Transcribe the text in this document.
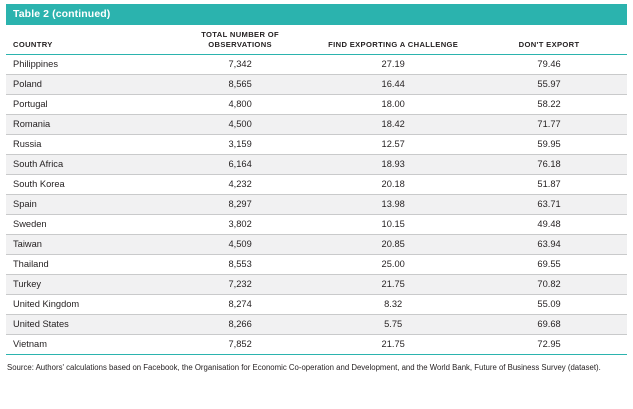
Table 2 (continued)
COUNTRY	TOTAL NUMBER OF OBSERVATIONS	FIND EXPORTING A CHALLENGE	DON'T EXPORT
Philippines	7,342	27.19	79.46
Poland	8,565	16.44	55.97
Portugal	4,800	18.00	58.22
Romania	4,500	18.42	71.77
Russia	3,159	12.57	59.95
South Africa	6,164	18.93	76.18
South Korea	4,232	20.18	51.87
Spain	8,297	13.98	63.71
Sweden	3,802	10.15	49.48
Taiwan	4,509	20.85	63.94
Thailand	8,553	25.00	69.55
Turkey	7,232	21.75	70.82
United Kingdom	8,274	8.32	55.09
United States	8,266	5.75	69.68
Vietnam	7,852	21.75	72.95
Source: Authors' calculations based on Facebook, the Organisation for Economic Co-operation and Development, and the World Bank, Future of Business Survey (dataset).
